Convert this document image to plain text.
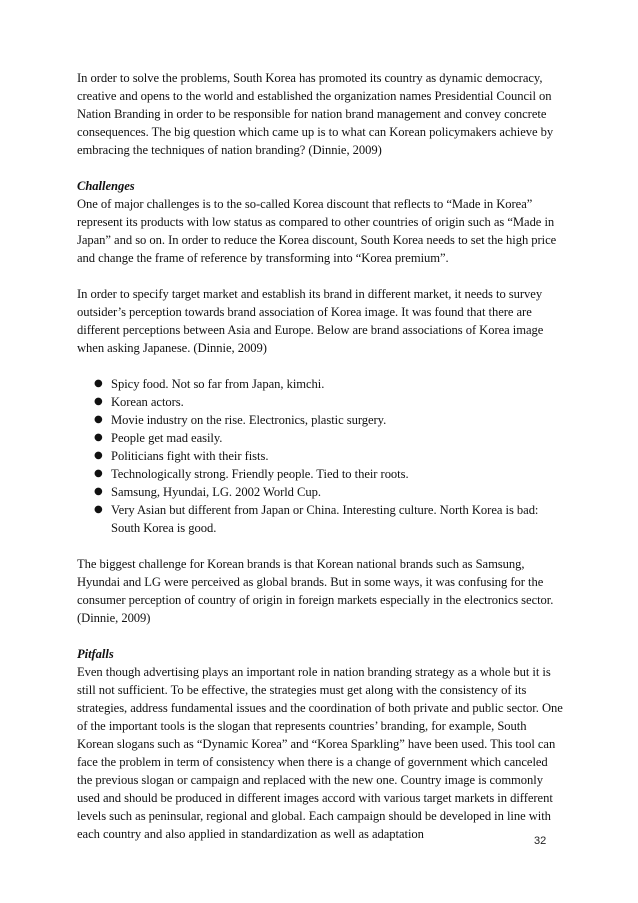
In order to solve the problems, South Korea has promoted its country as dynamic democracy, creative and opens to the world and established the organization names Presidential Council on Nation Branding in order to be responsible for nation brand management and convey concrete consequences. The big question which came up is to what can Korean policymakers achieve by embracing the techniques of nation branding? (Dinnie, 2009)

Challenges

One of major challenges is to the so-called Korea discount that reflects to “Made in Korea” represent its products with low status as compared to other countries of origin such as “Made in Japan” and so on. In order to reduce the Korea discount, South Korea needs to set the high price and change the frame of reference by transforming into “Korea premium”.

In order to specify target market and establish its brand in different market, it needs to survey outsider’s perception towards brand association of Korea image. It was found that there are different perceptions between Asia and Europe. Below are brand associations of Korea image when asking Japanese. (Dinnie, 2009)

● Spicy food. Not so far from Japan, kimchi.
● Korean actors.
● Movie industry on the rise. Electronics, plastic surgery.
● People get mad easily.
● Politicians fight with their fists.
● Technologically strong. Friendly people. Tied to their roots.
● Samsung, Hyundai, LG. 2002 World Cup.
● Very Asian but different from Japan or China. Interesting culture. North Korea is bad: South Korea is good.

The biggest challenge for Korean brands is that Korean national brands such as Samsung, Hyundai and LG were perceived as global brands. But in some ways, it was confusing for the consumer perception of country of origin in foreign markets especially in the electronics sector. (Dinnie, 2009)

Pitfalls

Even though advertising plays an important role in nation branding strategy as a whole but it is still not sufficient. To be effective, the strategies must get along with the consistency of its strategies, address fundamental issues and the coordination of both private and public sector. One of the important tools is the slogan that represents countries’ branding, for example, South Korean slogans such as “Dynamic Korea” and “Korea Sparkling” have been used. This tool can face the problem in term of consistency when there is a change of government which canceled the previous slogan or campaign and replaced with the new one. Country image is commonly used and should be produced in different images accord with various target markets in different levels such as peninsular, regional and global. Each campaign should be developed in line with each country and also applied in standardization as well as adaptation	32
